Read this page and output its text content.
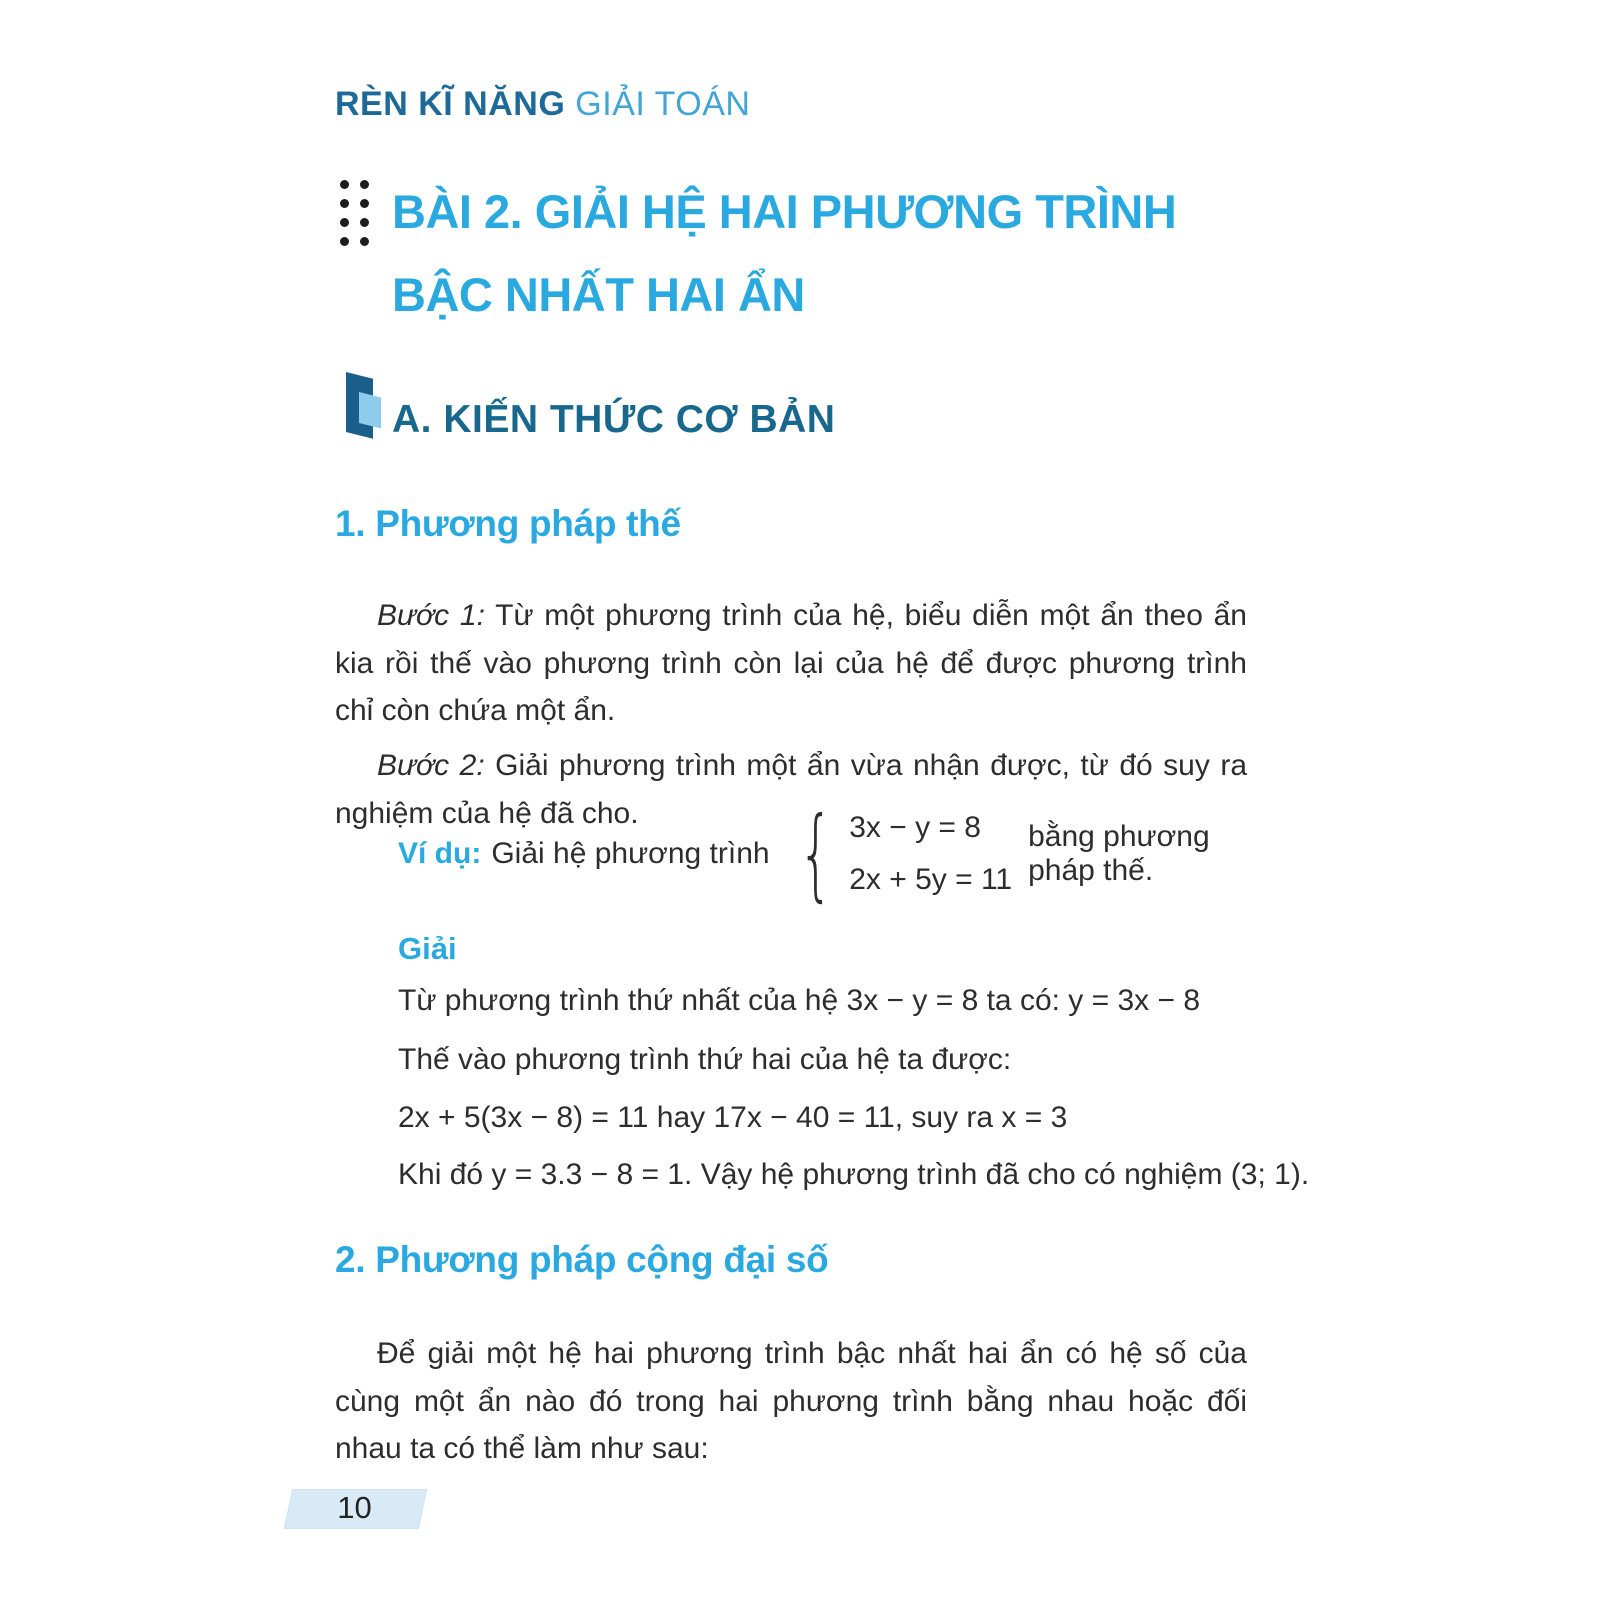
RÈN KĨ NĂNG GIẢI TOÁN
BÀI 2. GIẢI HỆ HAI PHƯƠNG TRÌNH
BẬC NHẤT HAI ẨN
A. KIẾN THỨC CƠ BẢN
1. Phương pháp thế

Bước 1: Từ một phương trình của hệ, biểu diễn một ẩn theo ẩn kia rồi thế vào phương trình còn lại của hệ để được phương trình chỉ còn chứa một ẩn.

Bước 2: Giải phương trình một ẩn vừa nhận được, từ đó suy ra nghiệm của hệ đã cho.

Ví dụ: Giải hệ phương trình { 3x − y = 8
2x + 5y = 11
bằng phương pháp thế.
Giải
Từ phương trình thứ nhất của hệ 3x − y = 8 ta có: y = 3x − 8
Thế vào phương trình thứ hai của hệ ta được:
2x + 5(3x − 8) = 11 hay 17x − 40 = 11, suy ra x = 3
Khi đó y = 3.3 − 8 = 1. Vậy hệ phương trình đã cho có nghiệm (3; 1).
2. Phương pháp cộng đại số

Để giải một hệ hai phương trình bậc nhất hai ẩn có hệ số của cùng một ẩn nào đó trong hai phương trình bằng nhau hoặc đối nhau ta có thể làm như sau:

10
